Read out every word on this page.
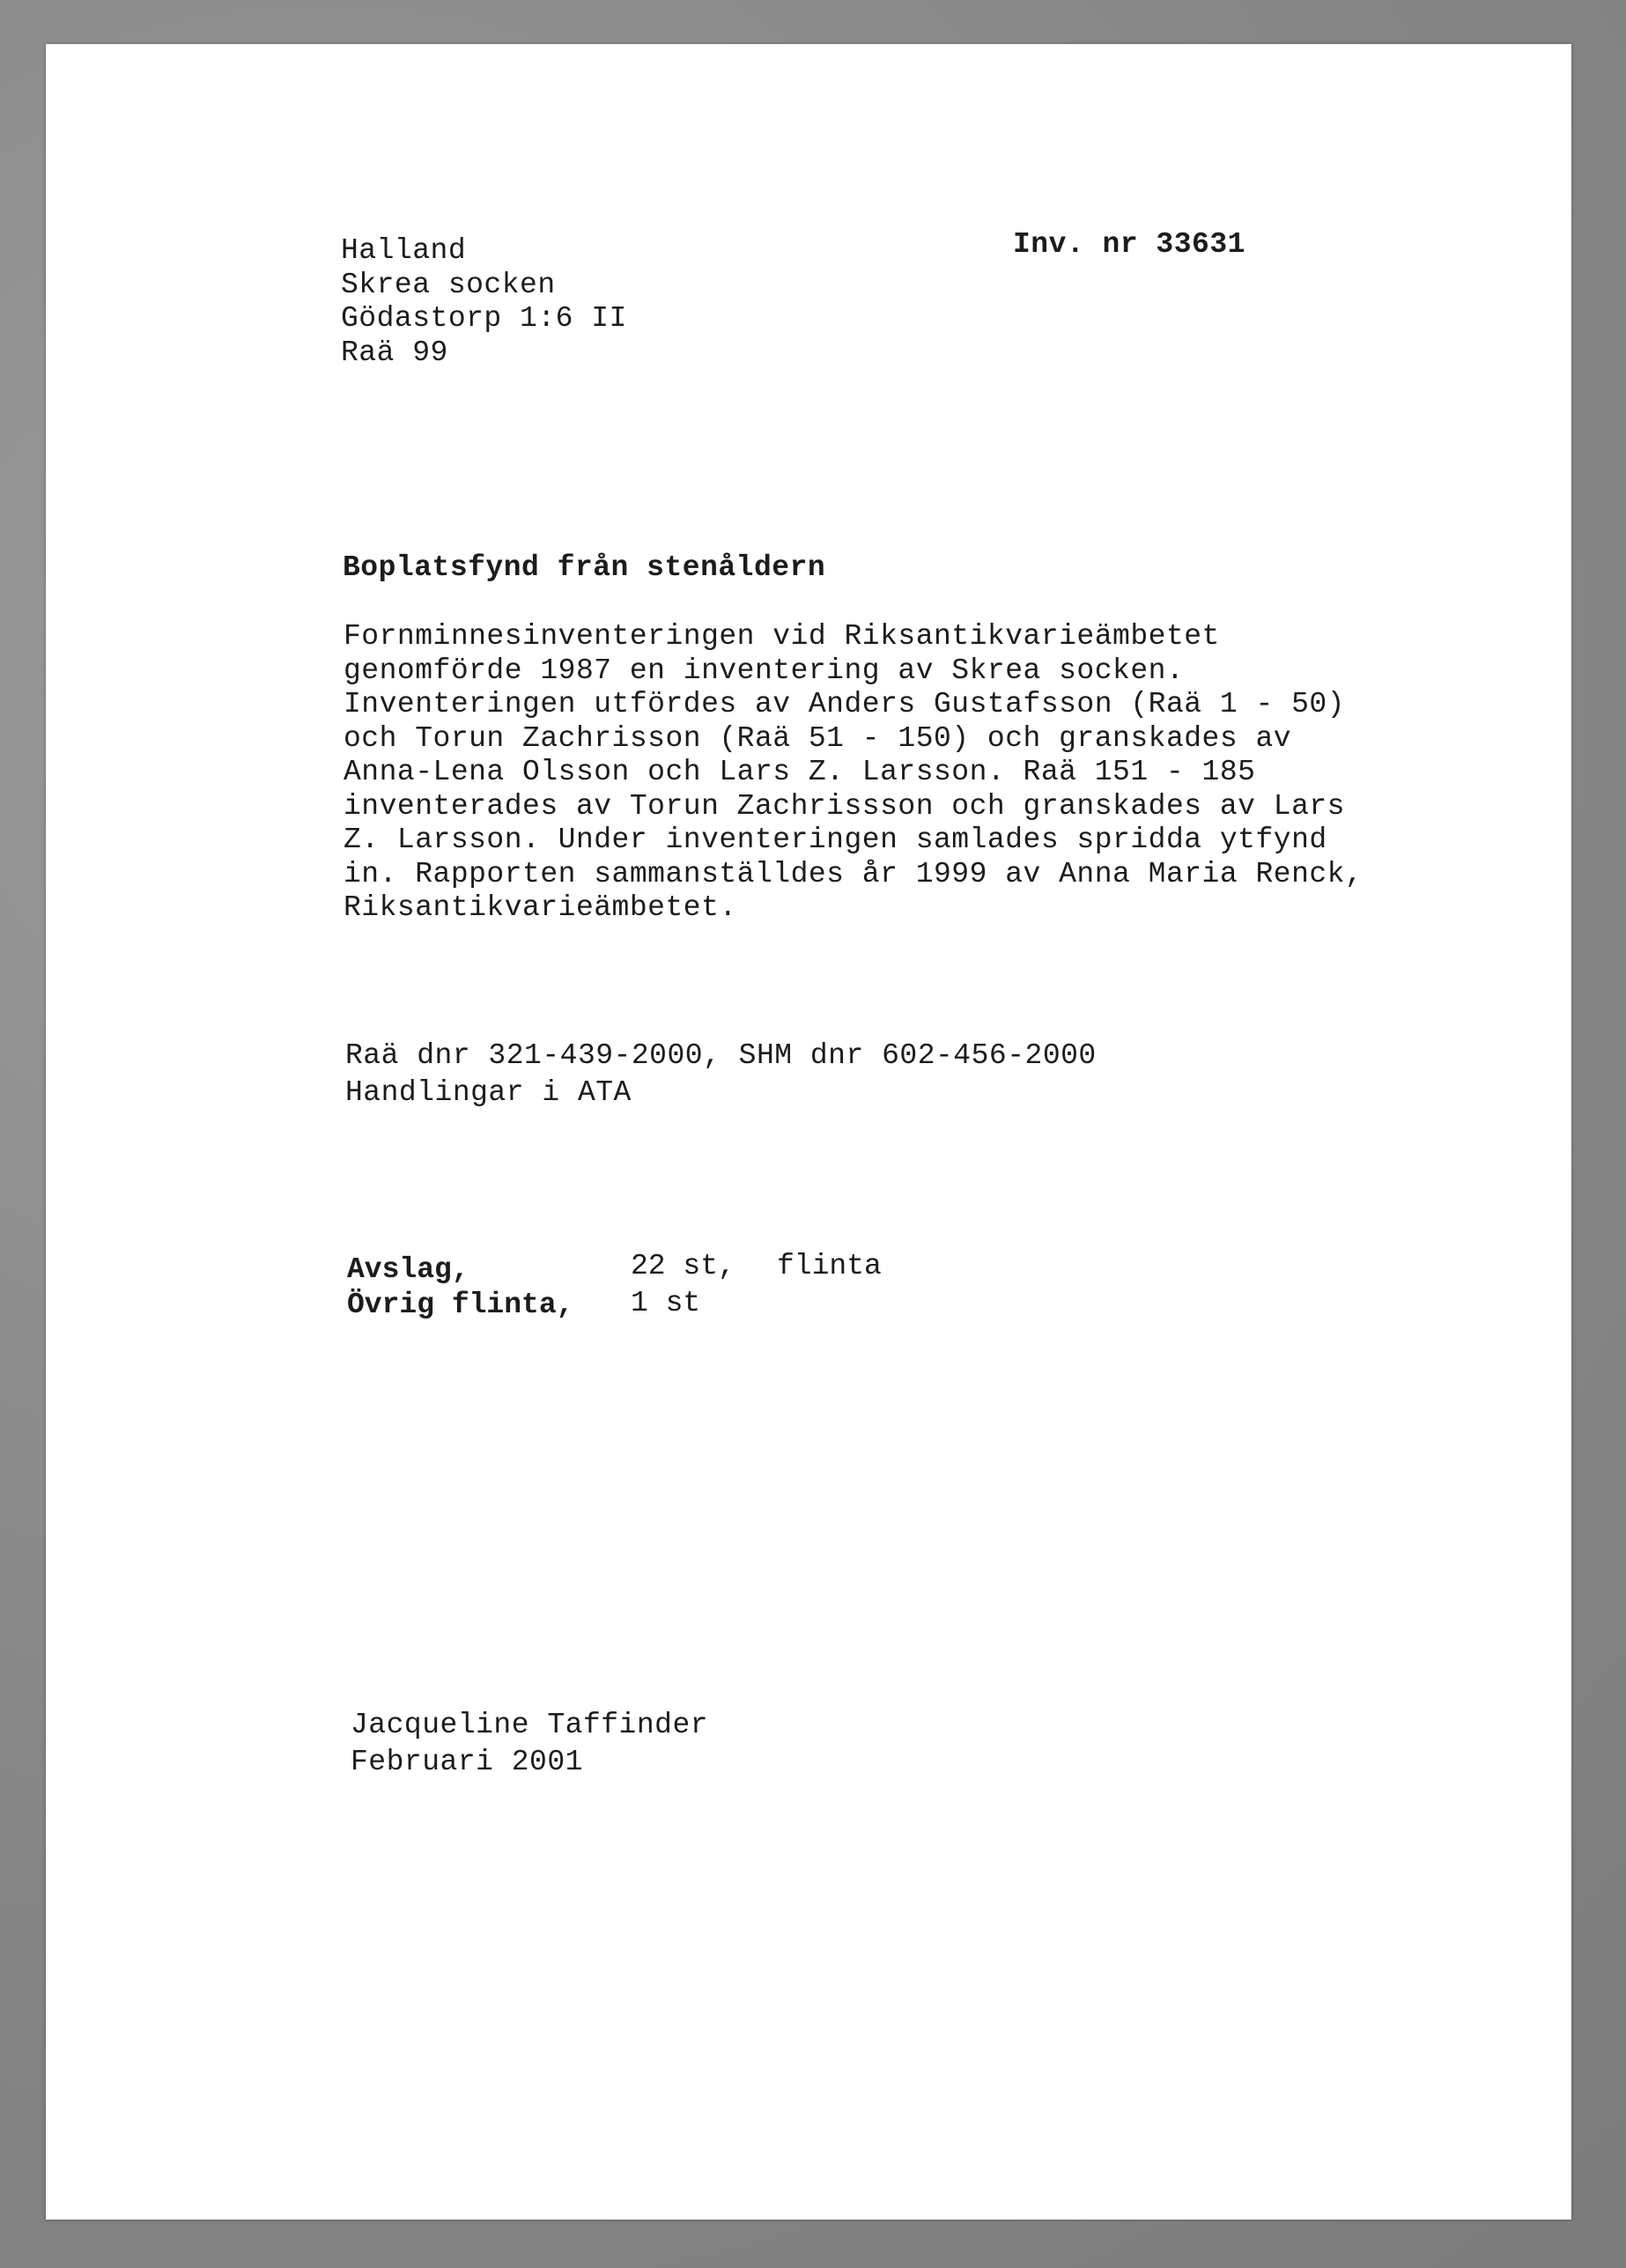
Halland
Skrea socken
Gödastorp 1:6 II
Raä 99
Inv. nr 33631
Boplatsfynd från stenåldern
Fornminnesinventeringen vid Riksantikvarieämbetet
genomförde 1987 en inventering av Skrea socken.
Inventeringen utfördes av Anders Gustafsson (Raä 1 - 50)
och Torun Zachrisson (Raä 51 - 150) och granskades av
Anna-Lena Olsson och Lars Z. Larsson. Raä 151 - 185
inventerades av Torun Zachrissson och granskades av Lars
Z. Larsson. Under inventeringen samlades spridda ytfynd
in. Rapporten sammanställdes år 1999 av Anna Maria Renck,
Riksantikvarieämbetet.
Raä dnr 321-439-2000, SHM dnr 602-456-2000
Handlingar i ATA
Avslag,	22 st, flinta
Övrig flinta, 1 st
Jacqueline Taffinder
Februari 2001
